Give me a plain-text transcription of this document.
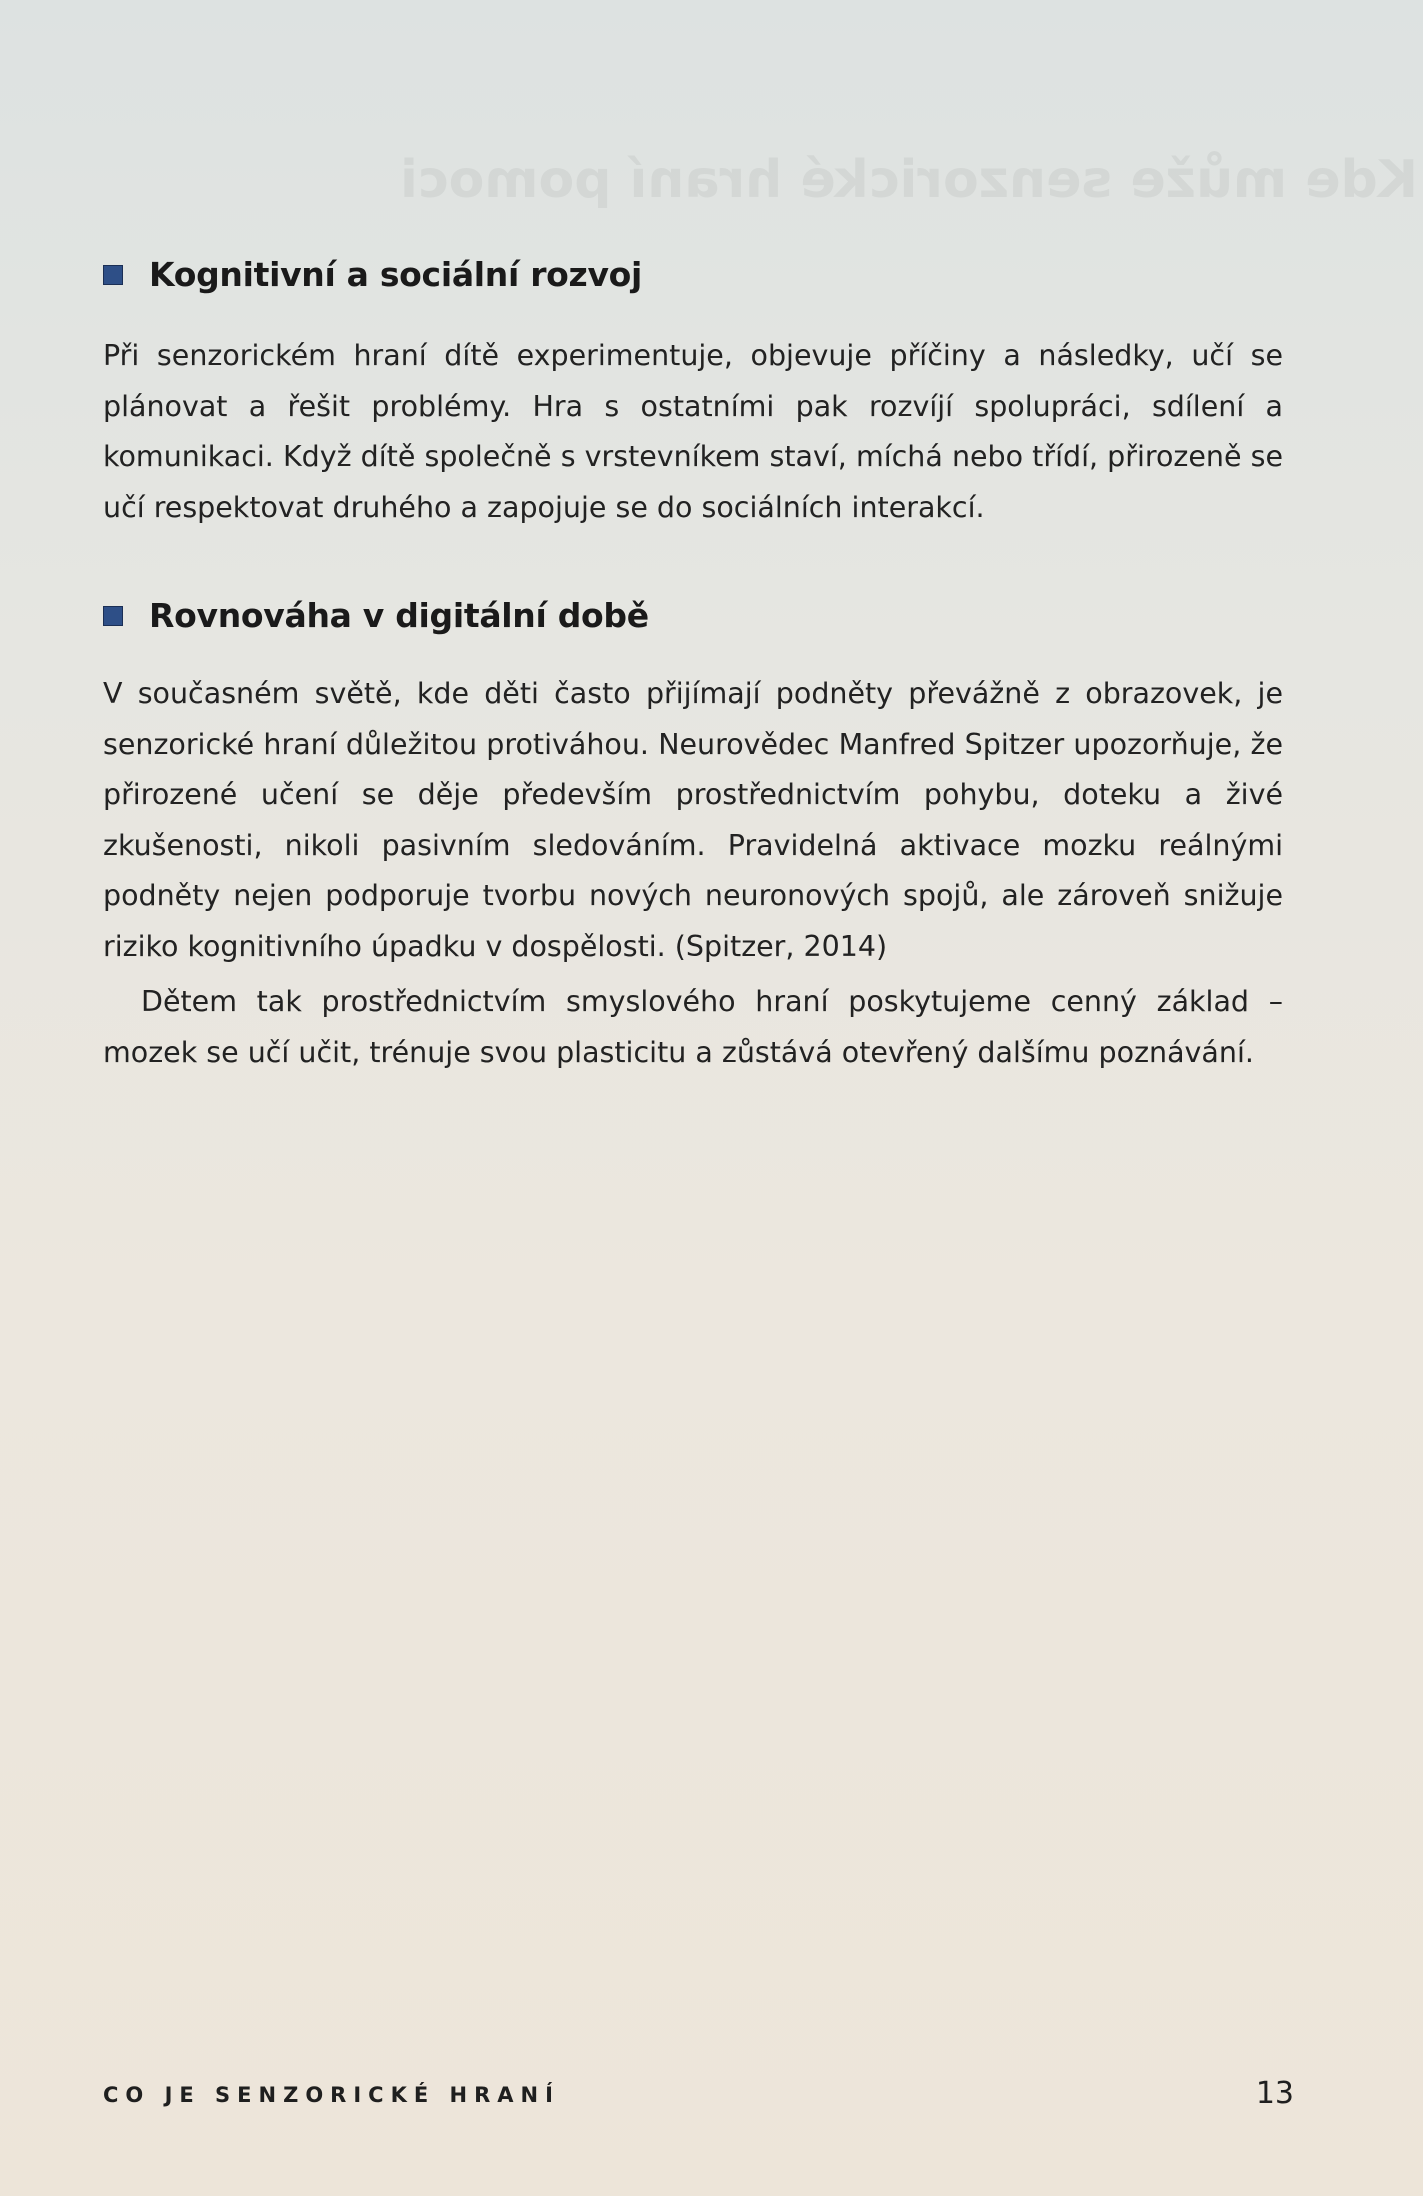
Kde může senzorické hraní pomoci
Kognitivní a sociální rozvoj

Při senzorickém hraní dítě experimentuje, objevuje příčiny a následky, učí se plánovat a řešit problémy. Hra s ostatními pak rozvíjí spolupráci, sdílení a komunikaci. Když dítě společně s vrstevníkem staví, míchá nebo třídí, přirozeně se učí respektovat druhého a zapojuje se do sociálních interakcí.

Rovnováha v digitální době

V současném světě, kde děti často přijímají podněty převážně z obrazovek, je senzorické hraní důležitou protiváhou. Neurovědec Manfred Spitzer upozorňuje, že přirozené učení se děje především prostřednictvím pohybu, doteku a živé zkušenosti, nikoli pasivním sledováním. Pravidelná aktivace mozku reálnými podněty nejen podporuje tvorbu nových neuronových spojů, ale zároveň snižuje riziko kognitivního úpadku v dospělosti. (Spitzer, 2014)

Dětem tak prostřednictvím smyslového hraní poskytujeme cenný základ – mozek se učí učit, trénuje svou plasticitu a zůstává otevřený dalšímu poznávání.

CO JE SENZORICKÉ HRANÍ	13
